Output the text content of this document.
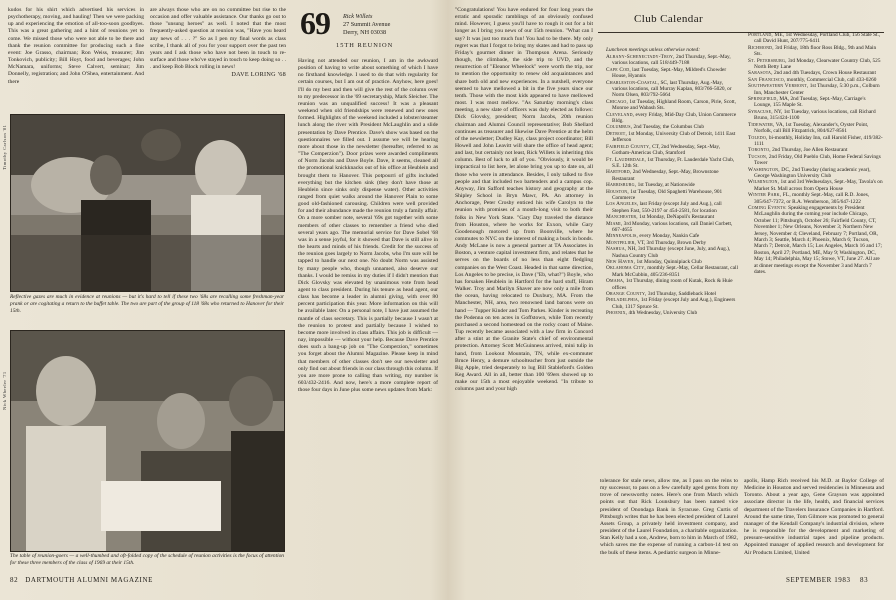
kudos for his shirt which advertised his services in psychotherapy, moving, and hauling! Then we were packing up and experiencing the emotion of all-too-soon goodbyes. This was a great gathering and a hint of reunions yet to come. We missed those who were not able to be there and thank the reunion committee for producing such a fine event: Joe Grasso, chairman; Ron Weiss, treasurer; Jim Tonkovich, publicity; Bill Hoyt, food and beverages; John McNamara, uniforms; Steve Calvert, seminar; Jim Donnelly, registration; and John O'Shea, entertainment. And there
are always those who are on no committee but rise to the occasion and offer valuable assistance. Our thanks go out to those "unsung heroes" as well. I noted that the most frequently-asked question at reunion was, "Have you heard any news of . . . ?" So as I pen my final words as class scribe, I thank all of you for your support over the past ten years and I ask those who have not been in touch to re-surface and those who've stayed in touch to keep doing so . . . and keep Bob Block rolling in news!
DAVE LORING '68
Timothy Carlson '81
Reflective gazes are much in evidence at reunions — but it's hard to tell if these two '68s are recalling some freshman-year prank or are cogitating a return to the buffet table. The two are part of the group of 118 '68s who returned to Hanover for their 15th.
Nick Wheeler '71
The table of reunion-goers — a well-thumbed and oft-folded copy of the schedule of reunion activities is the focus of attention for these three members of the class of 1969 at their 15th.
69 Rick Willets
27 Summit Avenue
Derry, NH 03038
15TH REUNION
Having not attended our reunion, I am in the awkward position of having to write about something of which I have no firsthand knowledge. I used to do that with regularity for certain courses, but I am out of practice. Anyhow, here goes! I'll do my best and then will give the rest of the column over to my predecessor in the '69 secretaryship, Mark Sleicher. The reunion was an unqualified success! It was a pleasant weekend when old friendships were renewed and new ones formed. Highlights of the weekend included a lobster/steamer lunch along the river with President McLaughlin and a slide presentation by Dave Prentice. Dave's show was based on the questionnaires we filled out. I assume we will be hearing more about those in the newsletter (hereafter, referred to as "The Comperzion"). Door prizes were awarded compliments of Norm Jacobs and Dave Boyle. Dave, it seems, cleaned all the promotional knickknacks out of his office at Heublein and brought them to Hanover. This potpourri of gifts included everything but the kitchen sink (they don't have those at Heublein since sinks only dispense water). Other activities ranged from quiet walks around the Hanover Plain to some good old-fashioned carousing. Children were well provided for and their abundance made the reunion truly a family affair. On a more somber note, several '69s got together with some members of other classes to remember a friend who died several years ago. The memorial service for Dave Sobel '68 was in a sense joyful, for it showed that Dave is still alive in the hearts and minds of his friends. Credit for the success of the reunion goes largely to Norm Jacobs, who I'm sure will be tapped to handle our next one. No doubt Norm was assisted by many people who, though unnamed, also deserve our thanks. I would be remiss in my duties if I didn't mention that Dick Glovsky was elevated by unanimous vote from head agent to class president. During his tenure as head agent, our class has become a leader in alumni giving, with over 80 percent participation this year. More information on this will be available later. On a personal note, I have just assumed the mantle of class secretary. This is partially because I wasn't at the reunion to protest and partially because I wished to become more involved in class affairs. This job is difficult — nay, impossible — without your help. Because Dave Prentice does such a bang-up job on "The Comperzion," sometimes you forget about the Alumni Magazine. Please keep in mind that members of other classes don't see our newsletter and only find out about friends in our class through this column. If you are more prone to calling than writing, my number is 603/432-2416. And now, here's a more complete report of those four days in June plus some news updates from Mark:
82 DARTMOUTH ALUMNI MAGAZINE
"Congratulations! You have endured for four long years the erratic and sporadic ramblings of an obviously confused mind. However, I guess you'll have to rough it out for a bit longer as I bring you news of our 15th reunion. "What can I say? It was just too much fun! You had to be there. My only regret was that I forgot to bring my skates and had to pass up Friday's gourmet dinner in Thompson Arena. Seriously though, the climbade, the side trip to UVD, and the resurrection of "Eleanor Wheelock" were worth the trip, nor to mention the opportunity to renew old acquaintances and share both old and new experiences. In a nutshell, everyone seemed to have mellowed a bit in the five years since our tenth. Those with the most kids appeared to have mellowed most. I was most mellow. "As Saturday morning's class meeting, a new slate of officers was duly elected as follows: Dick Glovsky, president; Norm Jacobs, 20th reunion chairman and Alumni Council representative; Bob Shellard continues as treasurer and likewise Dave Prentice at the helm of the newsletter; Dudley Kay, class project coordinator; Bill Howell and John Leavitt will share the office of head agent; and last, but certainly not least, Rick Willets is inheriting this column. Best of luck to all of you. "Obviously, it would be impractical to list here, let alone bring you up to date on, all those who were in attendance. Besides, I only talked to five people and that included two bartenders and a campus cop. Anyway, Jim Safford teaches history and geography at the Shipley School in Bryn Mawr, PA. An attorney in Anchorage, Peter Crosby enticed his wife Carolyn to the reunion with promises of a month-long visit to both their folks in New York State. "Gary Day traveled the distance from Houston, where he works for Exxon, while Gary Goodenough motored up from Boonville, where he commutes to NYC on the interest of making a buck in bonds. Andy McLane is now a general partner at TA Associates in Boston, a venture capital investment firm, and relates that he serves on the boards of no less than eight fledgling companies on the West Coast. Headed in that same direction, Los Angeles to be precise, is Dave ("Eb, what?") Boyle, who has forsaken Heublein in Hartford for the hard stuff, Hiram Walker. Troy and Marilyn Shaver are now only a mile from the ocean, having relocated to Duxbury, MA. From the Manchester, NH, area, two renowned land barons were on hand — Tupper Kinder and Tom Parkes. Kinder is recreating the Podenna on ten acres in Goffstown, while Tom recently purchased a second homestead on the rocky coast of Maine. Tup recently became associated with a law firm in Concord after a stint at the Granite State's chief of environmental protection. Attorney Scott McGuinness arrived, mini tulip in hand, from Lookout Mountain, TN, while ex-commuter Bruce Henry, a demure schoolteacher from just outside the Big Apple, tried desperately to lug Bill Stableford's Golden Keg Award. All in all, better than 100 '69ers showed up to make our 15th a most enjoyable weekend. "In tribute to columns past and your high
Club Calendar
Luncheon meetings unless otherwise noted:
Albany-Schenectady-Troy, 2nd Thursday, Sept.-May, various locations, call 518/449-7188
Cape Cod, last Tuesday, Sept.-May, Mildred's Chowder House, Hyannis
Charleston-Coastal, SC, last Thursday, Aug.-May, various locations, call Murray Kaplan, 803/766-5020, or Norm Olsen, 803/792-5664
Chicago, 1st Tuesday, Highland Room, Carson, Pirie, Scott, Monroe and Wabash Sts.
Cleveland, every Friday, Mid-Day Club, Union Commerce Bldg.
Columbus, 2nd Tuesday, the Columbus Club
Detroit, 1st Monday, University Club of Detroit, 1411 East Jefferson
Fairfield County, CT, 2nd Wednesday, Sept.-May, Gotham-Americas Club, Stamford
Ft. Lauderdale, 1st Thursday, Ft. Lauderdale Yacht Club, S.E. 12th St.
Hartford, 2nd Wednesday, Sept.-May, Brownstone Restaurant
Harrisburg, 1st Tuesday, at Nationwide
Houston, 1st Tuesday, Old Spaghetti Warehouse, 901 Commerce
Los Angeles, last Friday (except July and Aug.), call Stephen Fast, 550-2197 or 454-2581, for location
Manchester, 1st Monday, DeNapoli's Restaurant
Miami, 3rd Monday, various locations, call Daniel Corbett, 667-4655
Minneapolis, every Monday, Nankin Cafe
Montpelier, VT, 3rd Thursday, Brown Derby
Nashua, NH, 3rd Thursday (except June, July, and Aug.), Nashua Country Club
New Haven, 1st Monday, Quinnipiack Club
Oklahoma City, monthly Sept.-May, Cellar Restaurant, call Mark McCubbin, 405/236-8351
Omaha, 1st Thursday, dining room of Kutak, Rock & Huie offices
Orange County, 3rd Thursday, Saddleback Hotel
Philadelphia, 1st Friday (except July and Aug.), Engineers Club, 1317 Spruce St.
Phoenix, 4th Wednesday, University Club
Portland, ME, 1st Wednesday, Portland Club, 156 State St., call David Hunt, 207/775-6411
Richmond, 3rd Friday, 18th floor Ross Bldg., 9th and Main Sts.
St. Petersburg, 3rd Monday, Clearwater Country Club, 525 North Betty Lane
Sarasota, 2nd and 4th Tuesdays, Crown House Restaurant
San Francisco, monthly, Commercial Club, call 433-0260
Southwestern Vermont, 1st Thursday, 5:30 p.m., Colburn Inn, Manchester Center
Springfield, MA, 2nd Tuesday, Sept.-May, Carriage's Lounge, 155 Maple St.
Syracuse, NY, 1st Tuesday, various locations, call Richard Bruno, 315/424-1100
Tidewater, VA, 1st Tuesday, Alexander's, Oyster Point, Norfolk, call Bill Fitzpatrick, 804/627-8561
Toledo, bi-monthly, Holiday Inn, call Harold Fisher, 419/382-1111
Toronto, 2nd Thursday, Joe Allen Restaurant
Tucson, 2nd Friday, Old Pueblo Club, Home Federal Savings Tower
Washington, DC, 2nd Tuesday (during academic year), George Washington University Club
Wilmington, 1st and 3rd Wednesdays, Sept.-May, Tavola's on Market St. Mall across from Opera House
Winter Park, FL, monthly Sept.-May, call R.D. Jones, 305/647-7372, or R.A. Wemberson, 305/647-1222
Coming Events: Speaking engagements by President McLaughlin during the coming year include Chicago, October 11; Pittsburgh, October 26; Fairfield County, CT, November 1; New Orleans, November 3; Northern New Jersey, November 4; Cleveland, February 7; Portland, OR, March 3; Seattle, March 4; Phoenix, March 6; Tucson, March 7; Detroit, March 15; Los Angeles, March 16 and 17; Boston, April 27; Portland, ME, May 9; Washington, DC, May 14; Philadelphia, May 15; Stowe, VT, June 27. All are at dinner meetings except the November 3 and March 7 dates.
tolerance for stale news, allow me, as I pass on the reins to my successor, to pass on a few carefully aged gems from my trove of newsworthy notes. Here's one from March which points out that Rick Lounsbury has been named vice president of Onondaga Bank in Syracuse. Greg Curtis of Pittsburgh writes that he has been elected president of Laurel Assets Group, a privately held investment company, and president of the Laurel Foundation, a charitable organization. Stan Kelly had a son, Andrew, born to him in March of 1982, which saves me the expense of running a carbon-14 test on the bulk of these items. A pediatric surgeon in Minne-
apolis, Hamp Rich received his M.D. at Baylor College of Medicine in Houston and served residencies in Minnesota and Toronto. About a year ago, Gene Grayson was appointed associate director in the life, health, and financial services department of the Travelers Insurance Companies in Hartford. Around the same time, Tom Gilmore was promoted to general manager of the Kendall Company's industrial division, where he is responsible for the development and marketing of pressure-sensitive industrial tapes and pipeline products. Appointed manager of applied research and development for Air Products Limited, United
SEPTEMBER 1983 83
